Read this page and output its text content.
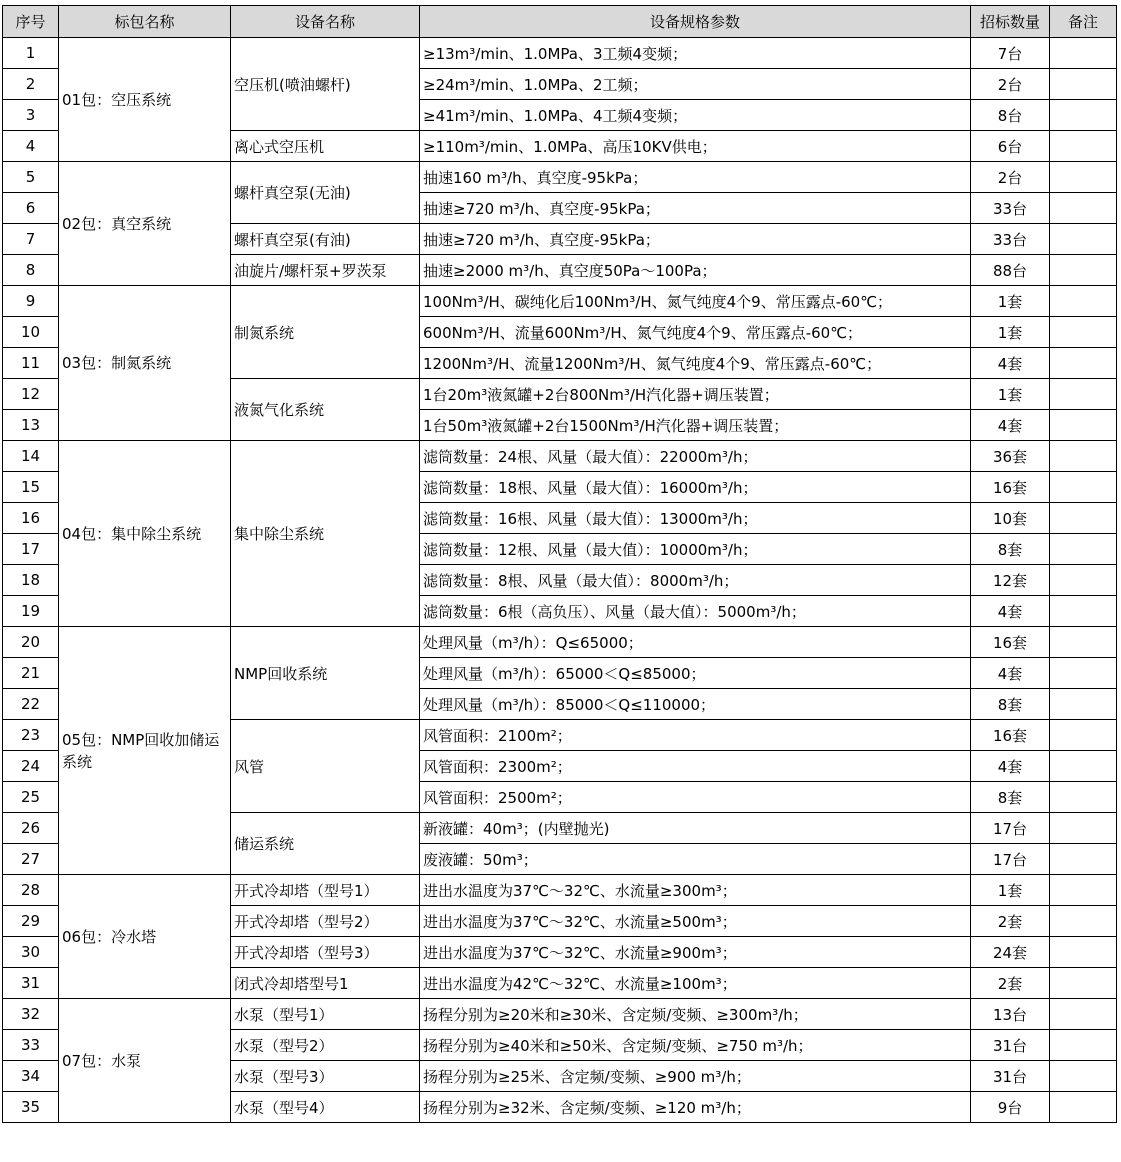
序号	标包名称	设备名称	设备规格参数	招标数量	备注
1	01包：空压系统	空压机(喷油螺杆)	≥13m³/min、1.0MPa、3工频4变频；	7台	
2			≥24m³/min、1.0MPa、2工频；	2台	
3			≥41m³/min、1.0MPa、4工频4变频；	8台	
4		离心式空压机	≥110m³/min、1.0MPa、高压10KV供电；	6台	
5	02包：真空系统	螺杆真空泵(无油)	抽速160 m³/h、真空度-95kPa；	2台	
6			抽速≥720 m³/h、真空度-95kPa；	33台	
7		螺杆真空泵(有油)	抽速≥720 m³/h、真空度-95kPa；	33台	
8		油旋片/螺杆泵+罗茨泵	抽速≥2000 m³/h、真空度50Pa～100Pa；	88台	
9	03包：制氮系统	制氮系统	100Nm³/H、碳纯化后100Nm³/H、氮气纯度4个9、常压露点-60℃；	1套	
10			600Nm³/H、流量600Nm³/H、氮气纯度4个9、常压露点-60℃；	1套	
11			1200Nm³/H、流量1200Nm³/H、氮气纯度4个9、常压露点-60℃；	4套	
12		液氮气化系统	1台20m³液氮罐+2台800Nm³/H汽化器+调压装置；	1套	
13			1台50m³液氮罐+2台1500Nm³/H汽化器+调压装置；	4套	
14	04包：集中除尘系统	集中除尘系统	滤筒数量：24根、风量（最大值）：22000m³/h；	36套	
15			滤筒数量：18根、风量（最大值）：16000m³/h；	16套	
16			滤筒数量：16根、风量（最大值）：13000m³/h；	10套	
17			滤筒数量：12根、风量（最大值）：10000m³/h；	8套	
18			滤筒数量：8根、风量（最大值）：8000m³/h；	12套	
19			滤筒数量：6根（高负压）、风量（最大值）：5000m³/h；	4套	
20	05包：NMP回收加储运系统	NMP回收系统	处理风量（m³/h）：Q≤65000；	16套	
21			处理风量（m³/h）：65000＜Q≤85000；	4套	
22			处理风量（m³/h）：85000＜Q≤110000；	8套	
23		风管	风管面积：2100m²；	16套	
24			风管面积：2300m²；	4套	
25			风管面积：2500m²；	8套	
26		储运系统	新液罐：40m³；(内壁抛光)	17台	
27			废液罐：50m³；	17台	
28	06包：冷水塔	开式冷却塔（型号1）	进出水温度为37℃～32℃、水流量≥300m³；	1套	
29		开式冷却塔（型号2）	进出水温度为37℃～32℃、水流量≥500m³；	2套	
30		开式冷却塔（型号3）	进出水温度为37℃～32℃、水流量≥900m³；	24套	
31		闭式冷却塔型号1	进出水温度为42℃～32℃、水流量≥100m³；	2套	
32	07包：水泵	水泵（型号1）	扬程分别为≥20米和≥30米、含定频/变频、≥300m³/h；	13台	
33		水泵（型号2）	扬程分别为≥40米和≥50米、含定频/变频、≥750 m³/h；	31台	
34		水泵（型号3）	扬程分别为≥25米、含定频/变频、≥900 m³/h；	31台	
35		水泵（型号4）	扬程分别为≥32米、含定频/变频、≥120 m³/h；	9台	
